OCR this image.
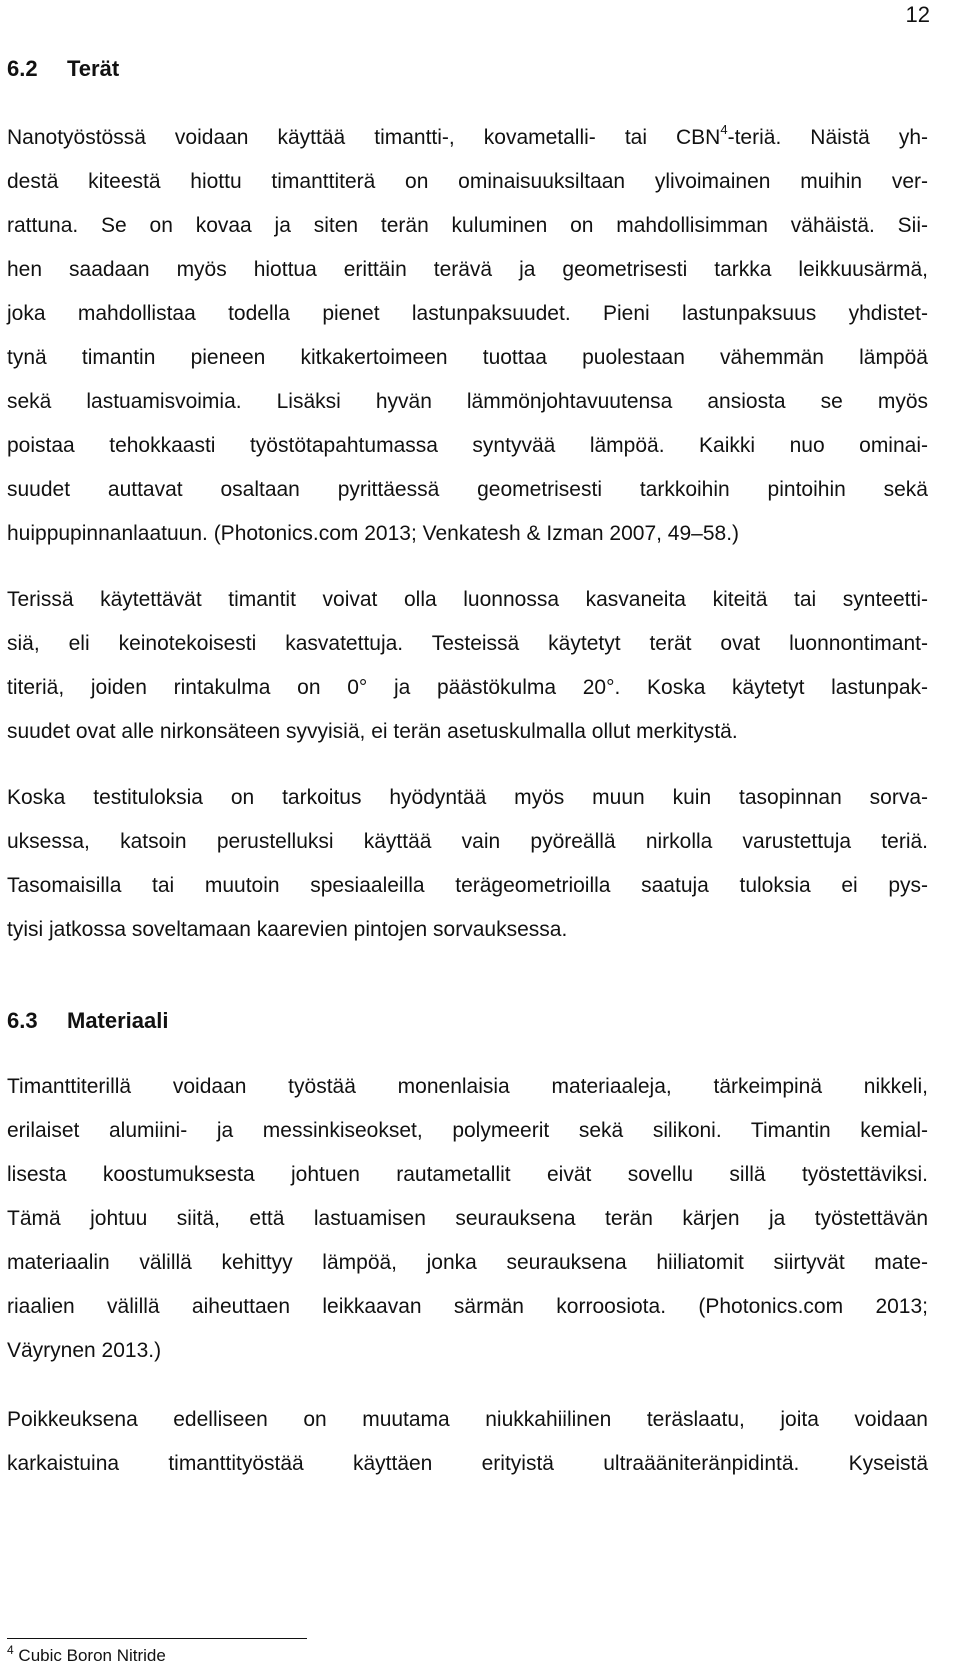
12
6.2 Terät
Nanotyöstössä voidaan käyttää timantti-, kovametalli- tai CBN$^4$-teriä. Näistä yh-
destä kiteestä hiottu timanttiterä on ominaisuuksiltaan ylivoimainen muihin ver-
rattuna. Se on kovaa ja siten terän kuluminen on mahdollisimman vähäistä. Sii-
hen saadaan myös hiottua erittäin terävä ja geometrisesti tarkka leikkuusärmä,
joka mahdollistaa todella pienet lastunpaksuudet. Pieni lastunpaksuus yhdistet-
tynä timantin pieneen kitkakertoimeen tuottaa puolestaan vähemmän lämpöä
sekä lastuamisvoimia. Lisäksi hyvän lämmönjohtavuutensa ansiosta se myös
poistaa tehokkaasti työstötapahtumassa syntyvää lämpöä. Kaikki nuo ominai-
suudet auttavat osaltaan pyrittäessä geometrisesti tarkkoihin pintoihin sekä
huippupinnanlaatuun. (Photonics.com 2013; Venkatesh & Izman 2007, 49–58.)
Terissä käytettävät timantit voivat olla luonnossa kasvaneita kiteitä tai synteetti-
siä, eli keinotekoisesti kasvatettuja. Testeissä käytetyt terät ovat luonnontimant-
titeriä, joiden rintakulma on 0° ja päästökulma 20°. Koska käytetyt lastunpak-
suudet ovat alle nirkonsäteen syvyisiä, ei terän asetuskulmalla ollut merkitystä.
Koska testituloksia on tarkoitus hyödyntää myös muun kuin tasopinnan sorva-
uksessa, katsoin perustelluksi käyttää vain pyöreällä nirkolla varustettuja teriä.
Tasomaisilla tai muutoin spesiaaleilla terägeometrioilla saatuja tuloksia ei pys-
tyisi jatkossa soveltamaan kaarevien pintojen sorvauksessa.
6.3 Materiaali
Timanttiterillä voidaan työstää monenlaisia materiaaleja, tärkeimpinä nikkeli,
erilaiset alumiini- ja messinkiseokset, polymeerit sekä silikoni. Timantin kemial-
lisesta koostumuksesta johtuen rautametallit eivät sovellu sillä työstettäviksi.
Tämä johtuu siitä, että lastuamisen seurauksena terän kärjen ja työstettävän
materiaalin välillä kehittyy lämpöä, jonka seurauksena hiiliatomit siirtyvät mate-
riaalien välillä aiheuttaen leikkaavan särmän korroosiota. (Photonics.com 2013;
Väyrynen 2013.)
Poikkeuksena edelliseen on muutama niukkahiilinen teräslaatu, joita voidaan
karkaistuina timanttityöstää käyttäen erityistä ultraääniteränpidintä. Kyseistä
$^4$ Cubic Boron Nitride
